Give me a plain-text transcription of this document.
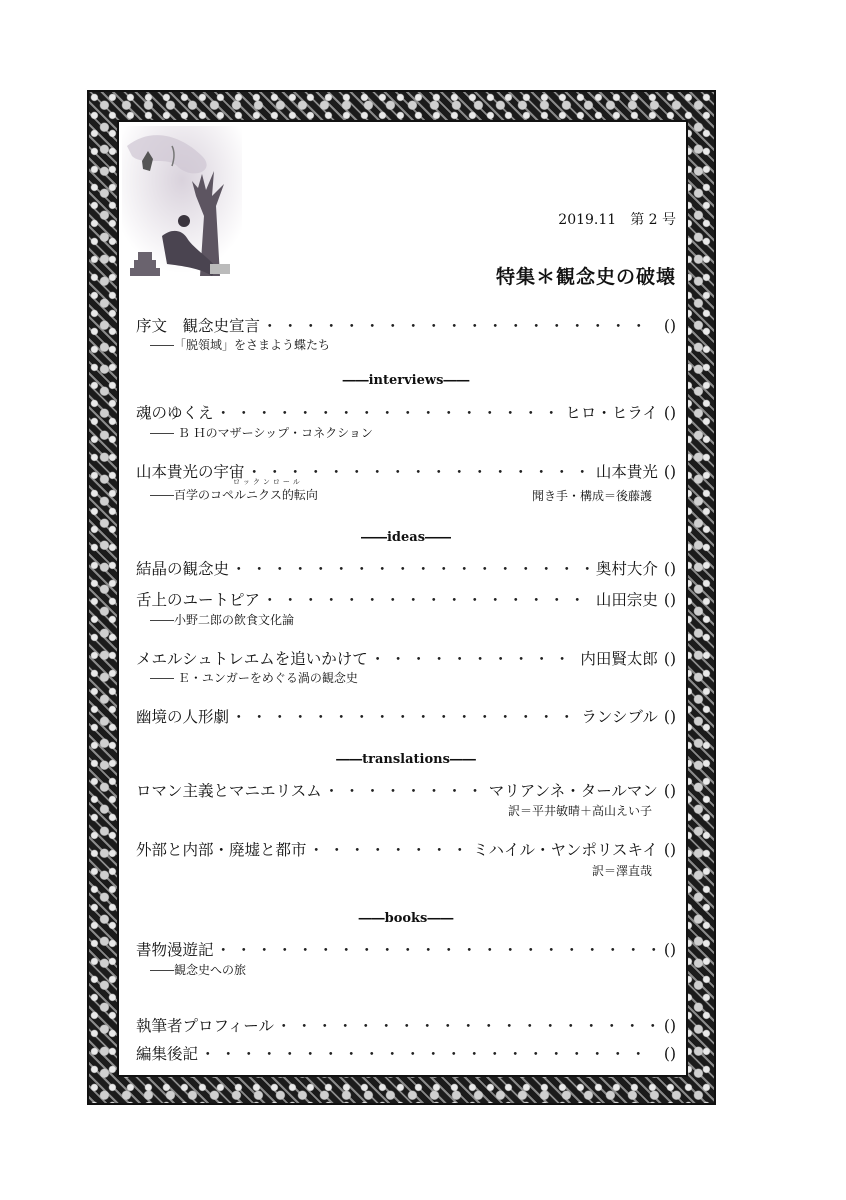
2019.11　第 2 号
特集＊観念史の破壊
序文　観念史宣言 ・・・・・・・・・・・・・・・・・・・・・・・・・・・・・・・・・・・・・・・・・・・・・・	()
――「脱領域」をさまよう蝶たち
――interviews――
魂のゆくえ ・・・・・・・・・・・・・・・・・・・・・・・・・・・・・・・・・・・・・・・・・・・・・・	ヒロ・ヒライ ()
―― Ｂ Ｈのマザーシップ・コネクション
山本貴光の宇宙 ・・・・・・・・・・・・・・・・・・・・・・・・・・・・・・・・・・・・・・・・・・・・・・	山本貴光 ()
ロックンロール
――百学のコペルニクス的転向	聞き手・構成＝後藤護
――ideas――
結晶の観念史 ・・・・・・・・・・・・・・・・・・・・・・・・・・・・・・・・・・・・・・・・・・・・・・	奥村大介 ()
舌上のユートピア ・・・・・・・・・・・・・・・・・・・・・・・・・・・・・・・・・・・・・・・・・・・・・・	山田宗史 ()
――小野二郎の飲食文化論
メエルシュトレエムを追いかけて ・・・・・・・・・・・・・・・・・・・・・・・・・・・・・・・・・・・・・・・・・・・・・・	内田賢太郎 ()
―― Ｅ・ユンガーをめぐる渦の観念史
幽境の人形劇 ・・・・・・・・・・・・・・・・・・・・・・・・・・・・・・・・・・・・・・・・・・・・・・	ランシブル ()
――translations――
ロマン主義とマニエリスム ・・・・・・・・・・・・・・・・・・・・・・・・・・・・・・・・・・・・・・・・・・・・・・	マリアンネ・タールマン ()
訳＝平井敏晴＋高山えい子
外部と内部・廃墟と都市 ・・・・・・・・・・・・・・・・・・・・・・・・・・・・・・・・・・・・・・・・・・・・・・	ミハイル・ヤンポリスキイ ()
訳＝澤直哉
――books――
書物漫遊記 ・・・・・・・・・・・・・・・・・・・・・・・・・・・・・・・・・・・・・・・・・・・・・・	()
――観念史への旅
執筆者プロフィール ・・・・・・・・・・・・・・・・・・・・・・・・・・・・・・・・・・・・・・・・・・・・・・	()
編集後記 ・・・・・・・・・・・・・・・・・・・・・・・・・・・・・・・・・・・・・・・・・・・・・・	()
